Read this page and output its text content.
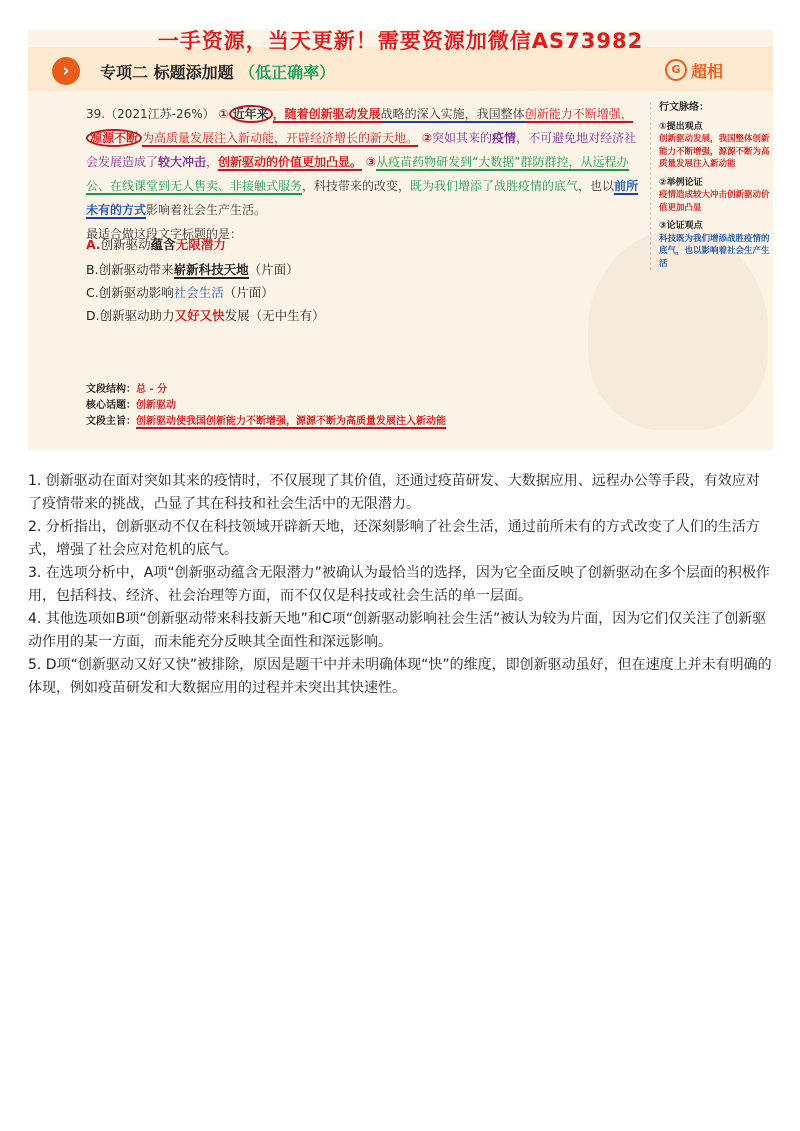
›	专项二 标题添加题 （低正确率）	G 超相
一手资源，当天更新！需要资源加微信AS73982
39.（2021江苏-26%） ① 近年来 ，随着创新驱动发展战略的深入实施，我国整体创新能力不断增强，源源不断 为高质量发展注入新动能，开辟经济增长的新天地。 ②突如其来的疫情，不可避免地对经济社会发展造成了较大冲击，创新驱动的价值更加凸显。 ③从疫苗药物研发到“大数据”群防群控，从远程办公、在线课堂到无人售卖、非接触式服务，科技带来的改变，既为我们增添了战胜疫情的底气，也以前所未有的方式影响着社会生产生活。
最适合做这段文字标题的是：
A.创新驱动蕴含无限潜力
B.创新驱动带来崭新科技天地（片面）
C.创新驱动影响社会生活（片面）
D.创新驱动助力又好又快发展（无中生有）
文段结构：总 - 分
核心话题：创新驱动
文段主旨：创新驱动使我国创新能力不断增强，源源不断为高质量发展注入新动能
行文脉络：
①提出观点
创新驱动发展，我国整体创新能力不断增强，源源不断为高质量发展注入新动能
②举例论证
疫情造成较大冲击创新驱动价值更加凸显
③论证观点
科技既为我们增添战胜疫情的底气，也以影响着社会生产生活

1. 创新驱动在面对突如其来的疫情时，不仅展现了其价值，还通过疫苗研发、大数据应用、远程办公等手段，有效应对了疫情带来的挑战，凸显了其在科技和社会生活中的无限潜力。

2. 分析指出，创新驱动不仅在科技领域开辟新天地，还深刻影响了社会生活，通过前所未有的方式改变了人们的生活方式，增强了社会应对危机的底气。

3. 在选项分析中，A项“创新驱动蕴含无限潜力”被确认为最恰当的选择，因为它全面反映了创新驱动在多个层面的积极作用，包括科技、经济、社会治理等方面，而不仅仅是科技或社会生活的单一层面。

4. 其他选项如B项“创新驱动带来科技新天地”和C项“创新驱动影响社会生活”被认为较为片面，因为它们仅关注了创新驱动作用的某一方面，而未能充分反映其全面性和深远影响。

5. D项“创新驱动又好又快”被排除，原因是题干中并未明确体现“快”的维度，即创新驱动虽好，但在速度上并未有明确的体现，例如疫苗研发和大数据应用的过程并未突出其快速性。
